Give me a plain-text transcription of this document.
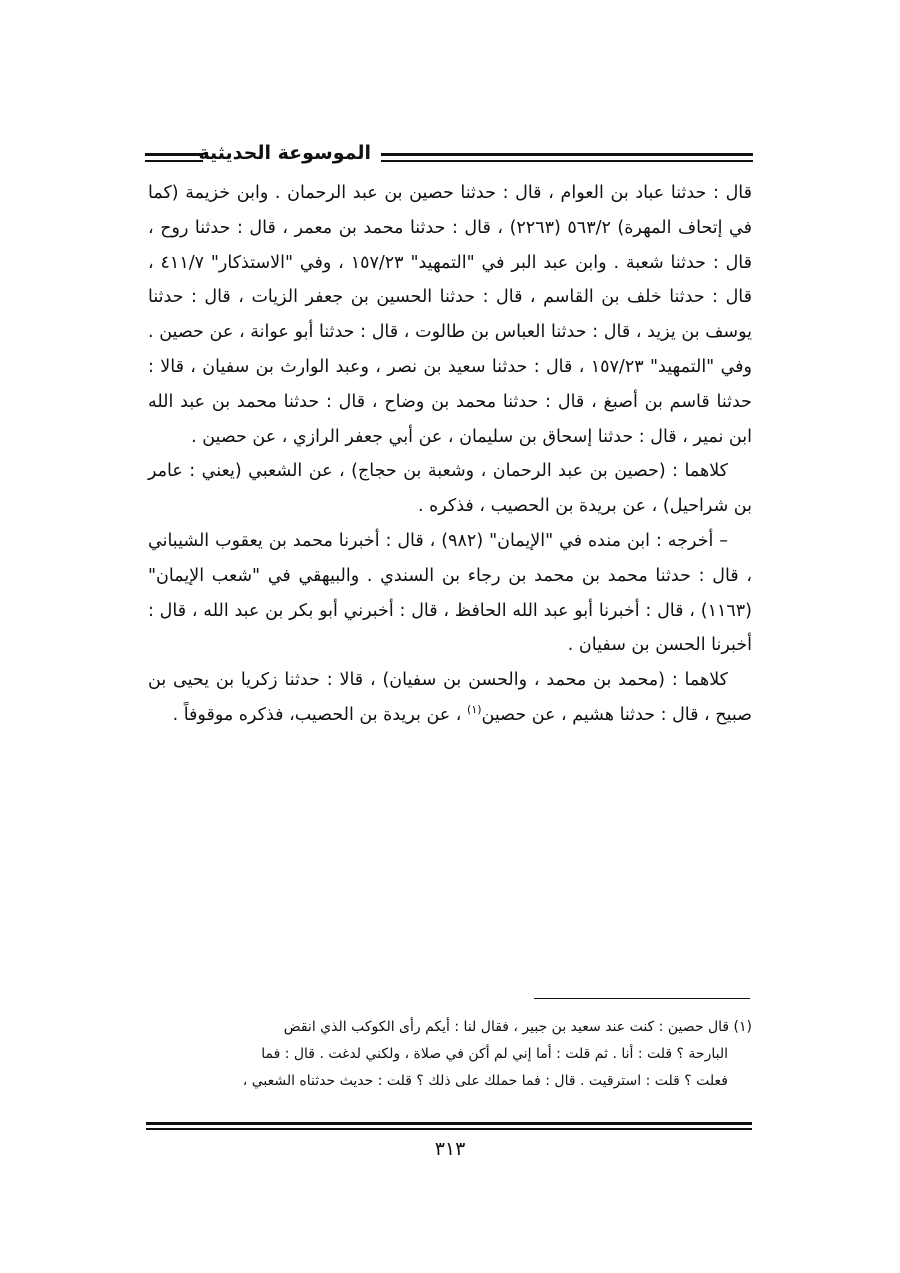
الموسوعة الحديثية

قال : حدثنا عباد بن العوام ، قال : حدثنا حصين بن عبد الرحمان . وابن خزيمة (كما في إتحاف المهرة) ٥٦٣/٢ (٢٢٦٣) ، قال : حدثنا محمد بن معمر ، قال : حدثنا روح ، قال : حدثنا شعبة . وابن عبد البر في "التمهيد" ١٥٧/٢٣ ، وفي "الاستذكار" ٤١١/٧ ، قال : حدثنا خلف بن القاسم ، قال : حدثنا الحسين بن جعفر الزيات ، قال : حدثنا يوسف بن يزيد ، قال : حدثنا العباس بن طالوت ، قال : حدثنا أبو عوانة ، عن حصين . وفي "التمهيد" ١٥٧/٢٣ ، قال : حدثنا سعيد بن نصر ، وعبد الوارث بن سفيان ، قالا : حدثنا قاسم بن أصبغ ، قال : حدثنا محمد بن وضاح ، قال : حدثنا محمد بن عبد الله ابن نمير ، قال : حدثنا إسحاق بن سليمان ، عن أبي جعفر الرازي ، عن حصين .

كلاهما : (حصين بن عبد الرحمان ، وشعبة بن حجاج) ، عن الشعبي (يعني : عامر بن شراحيل) ، عن بريدة بن الحصيب ، فذكره .

– أخرجه : ابن منده في "الإيمان" (٩٨٢) ، قال : أخبرنا محمد بن يعقوب الشيباني ، قال : حدثنا محمد بن محمد بن رجاء بن السندي . والبيهقي في "شعب الإيمان" (١١٦٣) ، قال : أخبرنا أبو عبد الله الحافظ ، قال : أخبرني أبو بكر بن عبد الله ، قال : أخبرنا الحسن بن سفيان .

كلاهما : (محمد بن محمد ، والحسن بن سفيان) ، قالا : حدثنا زكريا بن يحيى بن صبيح ، قال : حدثنا هشيم ، عن حصين$^{(١)}$ ، عن بريدة بن الحصيب، فذكره موقوفاً .

(١) قال حصين : كنت عند سعيد بن جبير ، فقال لنا : أيكم رأى الكوكب الذي انقض

البارحة ؟ قلت : أنا . ثم قلت : أما إني لم أكن في صلاة ، ولكني لدغت . قال : فما

فعلت ؟ قلت : استرقيت . قال : فما حملك على ذلك ؟ قلت : حديث حدثناه الشعبي ،

٣١٣
